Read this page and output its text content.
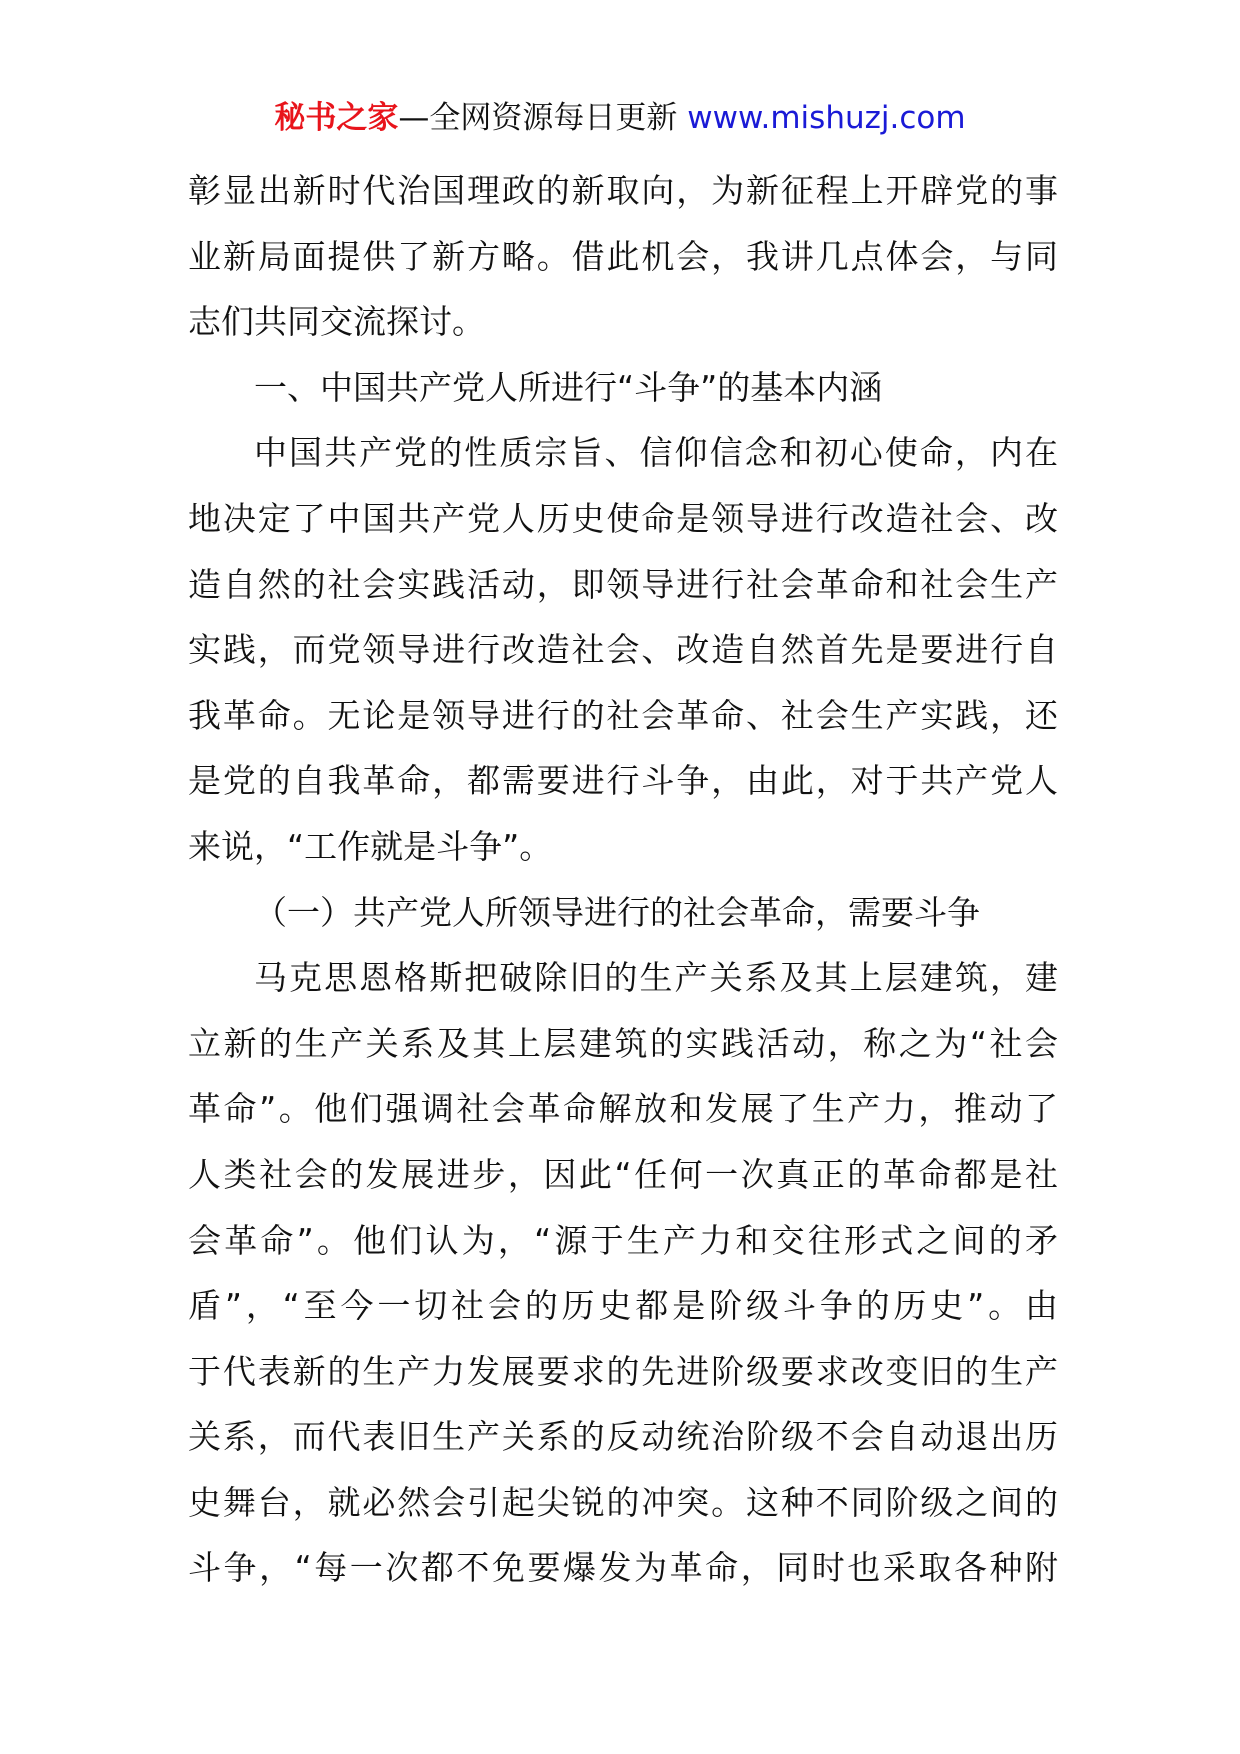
秘书之家—全网资源每日更新 www.mishuzj.com
彰显出新时代治国理政的新取向，为新征程上开辟党的事
业新局面提供了新方略。借此机会，我讲几点体会，与同
志们共同交流探讨。
一、中国共产党人所进行“斗争”的基本内涵
中国共产党的性质宗旨、信仰信念和初心使命，内在
地决定了中国共产党人历史使命是领导进行改造社会、改
造自然的社会实践活动，即领导进行社会革命和社会生产
实践，而党领导进行改造社会、改造自然首先是要进行自
我革命。无论是领导进行的社会革命、社会生产实践，还
是党的自我革命，都需要进行斗争，由此，对于共产党人
来说，“工作就是斗争”。
（一）共产党人所领导进行的社会革命，需要斗争
马克思恩格斯把破除旧的生产关系及其上层建筑，建
立新的生产关系及其上层建筑的实践活动，称之为“社会
革命”。他们强调社会革命解放和发展了生产力，推动了
人类社会的发展进步，因此“任何一次真正的革命都是社
会革命”。他们认为，“源于生产力和交往形式之间的矛
盾”，“至今一切社会的历史都是阶级斗争的历史”。由
于代表新的生产力发展要求的先进阶级要求改变旧的生产
关系，而代表旧生产关系的反动统治阶级不会自动退出历
史舞台，就必然会引起尖锐的冲突。这种不同阶级之间的
斗争，“每一次都不免要爆发为革命，同时也采取各种附
